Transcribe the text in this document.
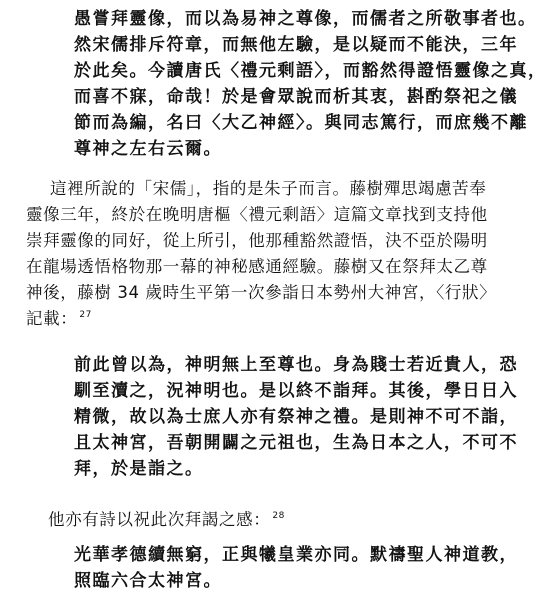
愚嘗拜靈像，而以為易神之尊像，而儒者之所敬事者也。
然宋儒排斥符章，而無他左驗，是以疑而不能決，三年
於此矣。今讀唐氏〈禮元剩語〉，而豁然得證悟靈像之真，
而喜不寐，命哉！於是會眾說而析其衷，斟酌祭祀之儀
節而為編，名曰〈大乙神經〉。與同志篤行，而庶幾不離
尊神之左右云爾。
這裡所說的「宋儒」，指的是朱子而言。藤樹殫思竭慮苦奉
靈像三年，終於在晚明唐樞〈禮元剩語〉這篇文章找到支持他
崇拜靈像的同好，從上所引，他那種豁然證悟，決不亞於陽明
在龍場透悟格物那一幕的神秘感通經驗。藤樹又在祭拜太乙尊
神後，藤樹 34 歲時生平第一次參詣日本勢州大神宮，〈行狀〉
記載： $^{27}$
前此曾以為，神明無上至尊也。身為賤士若近貴人，恐
馴至瀆之，況神明也。是以終不詣拜。其後，學日日入
精微，故以為士庶人亦有祭神之禮。是則神不可不詣，
且太神宮，吾朝開闢之元祖也，生為日本之人，不可不
拜，於是詣之。
他亦有詩以祝此次拜謁之感： $^{28}$
光華孝德續無窮，正與犧皇業亦同。默禱聖人神道教，
照臨六合太神宮。
